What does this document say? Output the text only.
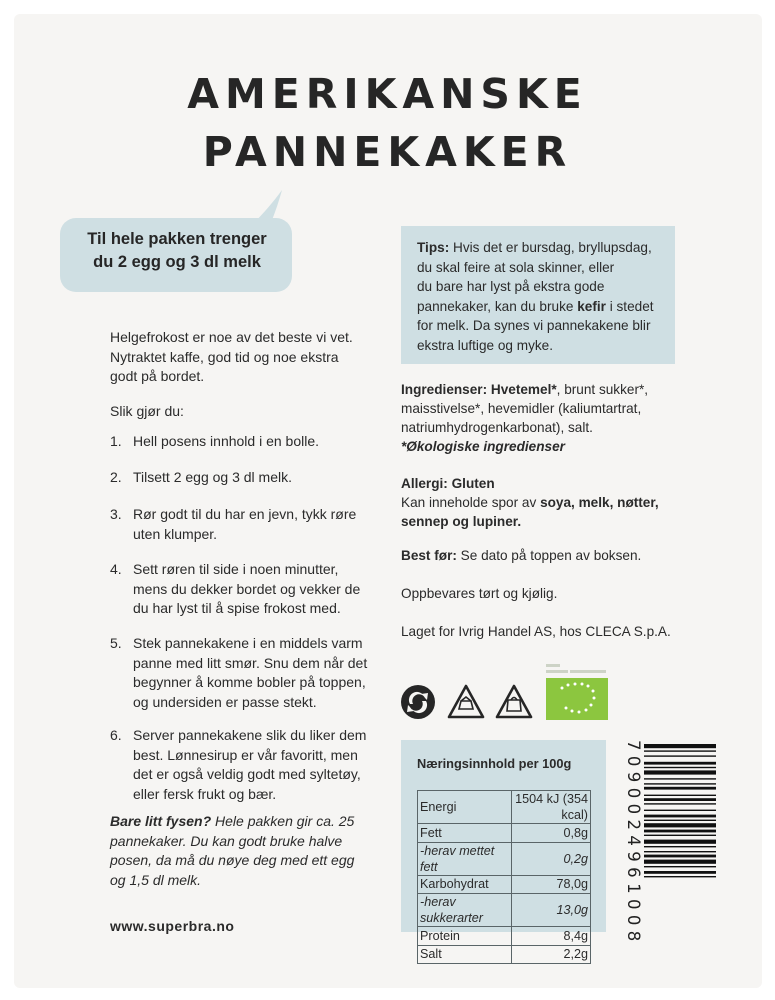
AMERIKANSKE
PANNEKAKER
Til hele pakken trenger
du 2 egg og 3 dl melk
Helgefrokost er noe av det beste vi vet.
Nytraktet kaffe, god tid og noe ekstra
godt på bordet.
Slik gjør du:
1. Hell posens innhold i en bolle.
2. Tilsett 2 egg og 3 dl melk.
3. Rør godt til du har en jevn, tykk røre
uten klumper.
4. Sett røren til side i noen minutter,
mens du dekker bordet og vekker de
du har lyst til å spise frokost med.
5. Stek pannekakene i en middels varm
panne med litt smør. Snu dem når det
begynner å komme bobler på toppen,
og undersiden er passe stekt.
6. Server pannekakene slik du liker dem
best. Lønnesirup er vår favoritt, men
det er også veldig godt med syltetøy,
eller fersk frukt og bær.
Bare litt fysen? Hele pakken gir ca. 25
pannekaker. Du kan godt bruke halve
posen, da må du nøye deg med ett egg
og 1,5 dl melk.
www.superbra.no
Tips: Hvis det er bursdag, bryllupsdag,
du skal feire at sola skinner, eller
du bare har lyst på ekstra gode
pannekaker, kan du bruke kefir i stedet
for melk. Da synes vi pannekakene blir
ekstra luftige og myke.
Ingredienser: Hvetemel*, brunt sukker*,
maisstivelse*, hevemidler (kaliumtartrat,
natriumhydrogenkarbonat), salt.
*Økologiske ingredienser
Allergi: Gluten
Kan inneholde spor av soya, melk, nøtter,
sennep og lupiner.
Best før: Se dato på toppen av boksen.
Oppbevares tørt og kjølig.
Laget for Ivrig Handel AS, hos CLECA S.p.A.
Næringsinnhold per 100g
Energi	1504 kJ (354 kcal)
Fett	0,8g
-herav mettet fett	0,2g
Karbohydrat	78,0g
-herav sukkerarter	13,0g
Protein	8,4g
Salt	2,2g
7090024961008
